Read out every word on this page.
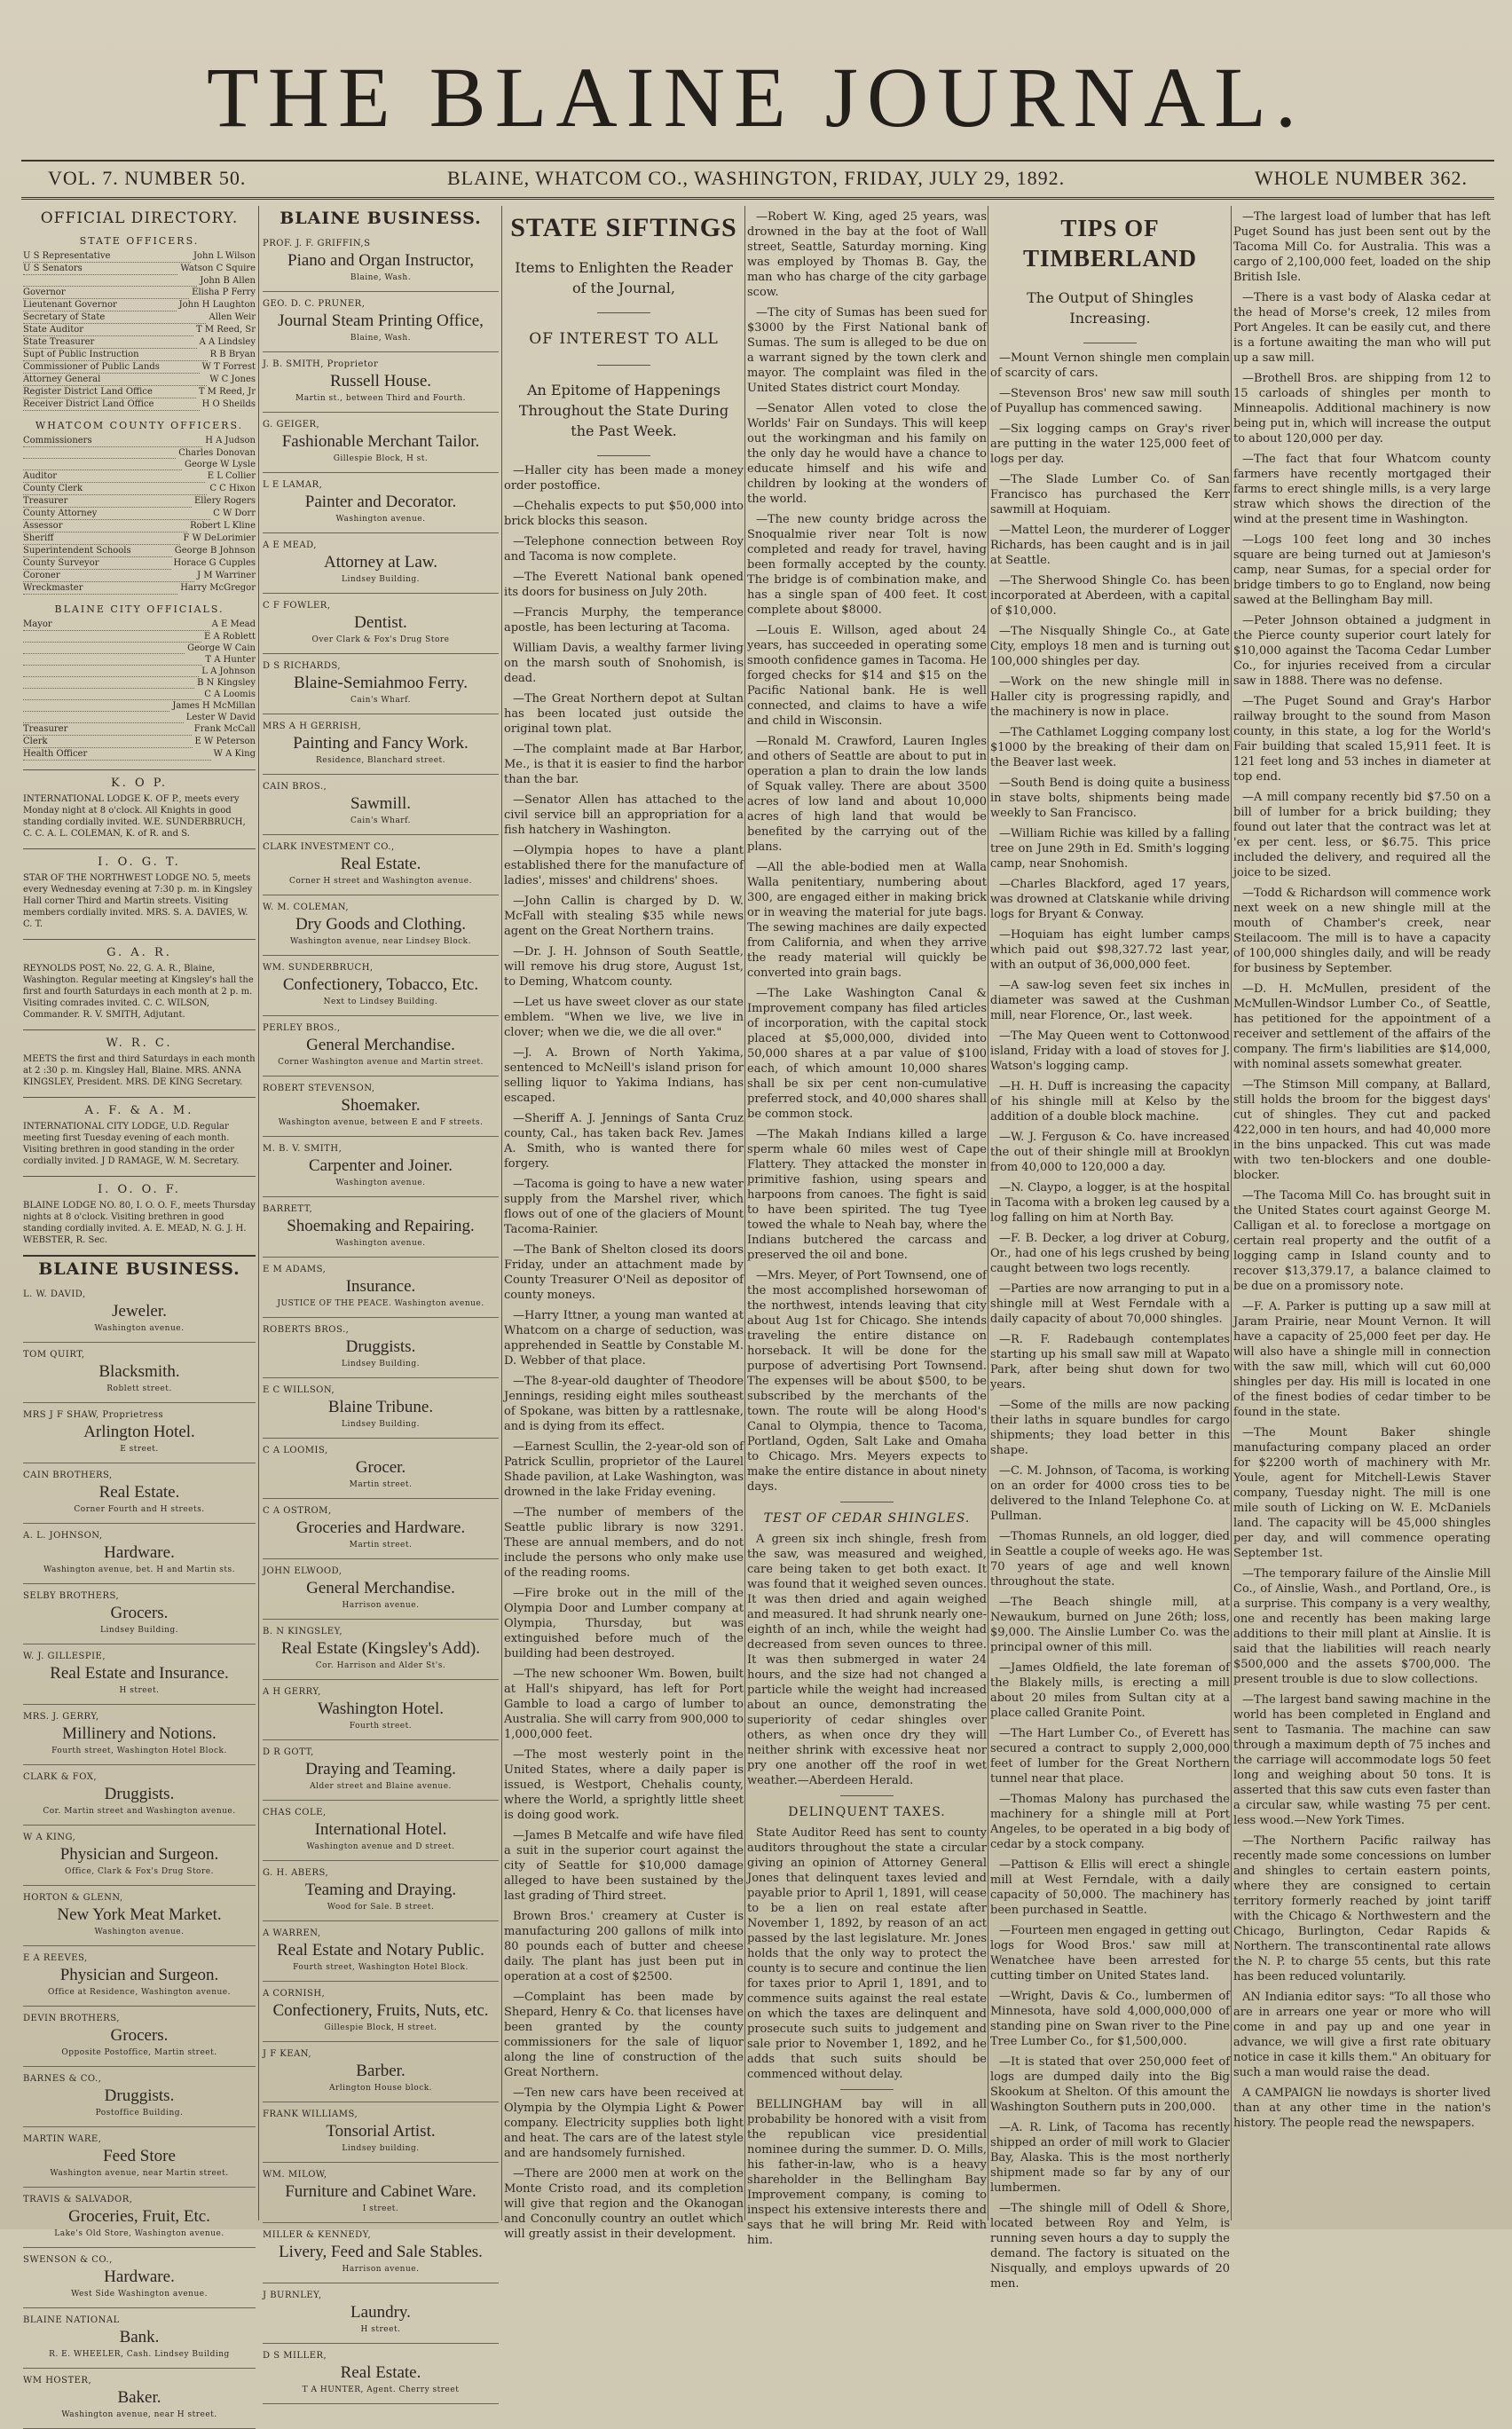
THE BLAINE JOURNAL.
VOL. 7. NUMBER 50.	BLAINE, WHATCOM CO., WASHINGTON, FRIDAY, JULY 29, 1892.	WHOLE NUMBER 362.
OFFICIAL DIRECTORY.
STATE OFFICERS.
U S Representative	John L Wilson
U S Senators	Watson C Squire
John B Allen
Governor	Elisha P Ferry
Lieutenant Governor	John H Laughton
Secretary of State	Allen Weir
State Auditor	T M Reed, Sr
State Treasurer	A A Lindsley
Supt of Public Instruction	R B Bryan
Commissioner of Public Lands	W T Forrest
Attorney General	W C Jones
Register District Land Office	T M Reed, Jr
Receiver District Land Office	H O Sheilds
WHATCOM COUNTY OFFICERS.
Commissioners	H A Judson
Charles Donovan
George W Lysle
Auditor	E L Collier
County Clerk	C C Hixon
Treasurer	Ellery Rogers
County Attorney	C W Dorr
Assessor	Robert L Kline
Sheriff	F W DeLorimier
Superintendent Schools	George B Johnson
County Surveyor	Horace G Cupples
Coroner	J M Warriner
Wreckmaster	Harry McGregor
BLAINE CITY OFFICIALS.
Mayor	A E Mead
E A Roblett
George W Cain
T A Hunter
L A Johnson
B N Kingsley
C A Loomis
James H McMillan
Lester W David
Treasurer	Frank McCall
Clerk	E W Peterson
Health Officer	W A King
K. O P.
INTERNATIONAL LODGE K. OF P., meets every Monday night at 8 o'clock. All Knights in good standing cordially invited. W.E. SUNDERBRUCH, C. C. A. L. COLEMAN, K. of R. and S.
I. O. G. T.
STAR OF THE NORTHWEST LODGE NO. 5, meets every Wednesday evening at 7:30 p. m. in Kingsley Hall corner Third and Martin streets. Visiting members cordially invited. MRS. S. A. DAVIES, W. C. T.
G. A. R.
REYNOLDS POST, No. 22, G. A. R., Blaine, Washington. Regular meeting at Kingsley's hall the first and fourth Saturdays in each month at 2 p. m. Visiting comrades invited. C. C. WILSON, Commander. R. V. SMITH, Adjutant.
W. R. C.
MEETS the first and third Saturdays in each month at 2 :30 p. m. Kingsley Hall, Blaine. MRS. ANNA KINGSLEY, President. MRS. DE KING Secretary.
A. F. & A. M.
INTERNATIONAL CITY LODGE, U.D. Regular meeting first Tuesday evening of each month. Visiting brethren in good standing in the order cordially invited. J D RAMAGE, W. M. Secretary.
I. O. O. F.
BLAINE LODGE NO. 80, I. O. O. F., meets Thursday nights at 8 o'clock. Visiting brethren in good standing cordially invited. A. E. MEAD, N. G. J. H. WEBSTER, R. Sec.
BLAINE BUSINESS.
L. W. DAVID,
Jeweler.
Washington avenue.
TOM QUIRT,
Blacksmith.
Roblett street.
MRS J F SHAW, Proprietress
Arlington Hotel.
E street.
CAIN BROTHERS,
Real Estate.
Corner Fourth and H streets.
A. L. JOHNSON,
Hardware.
Washington avenue, bet. H and Martin sts.
SELBY BROTHERS,
Grocers.
Lindsey Building.
W. J. GILLESPIE,
Real Estate and Insurance.
H street.
MRS. J. GERRY,
Millinery and Notions.
Fourth street, Washington Hotel Block.
CLARK & FOX,
Druggists.
Cor. Martin street and Washington avenue.
W A KING,
Physician and Surgeon.
Office, Clark & Fox's Drug Store.
HORTON & GLENN,
New York Meat Market.
Washington avenue.
E A REEVES,
Physician and Surgeon.
Office at Residence, Washington avenue.
DEVIN BROTHERS,
Grocers.
Opposite Postoffice, Martin street.
BARNES & CO.,
Druggists.
Postoffice Building.
MARTIN WARE,
Feed Store
Washington avenue, near Martin street.
TRAVIS & SALVADOR,
Groceries, Fruit, Etc.
Lake's Old Store, Washington avenue.
SWENSON & CO.,
Hardware.
West Side Washington avenue.
BLAINE NATIONAL
Bank.
R. E. WHEELER, Cash. Lindsey Building
WM HOSTER,
Baker.
Washington avenue, near H street.
BLAINE BUSINESS.
PROF. J. F. GRIFFIN,S
Piano and Organ Instructor,
Blaine, Wash.
GEO. D. C. PRUNER,
Journal Steam Printing Office,
Blaine, Wash.
J. B. SMITH, Proprietor
Russell House.
Martin st., between Third and Fourth.
G. GEIGER,
Fashionable Merchant Tailor.
Gillespie Block, H st.
L E LAMAR,
Painter and Decorator.
Washington avenue.
A E MEAD,
Attorney at Law.
Lindsey Building.
C F FOWLER,
Dentist.
Over Clark & Fox's Drug Store
D S RICHARDS,
Blaine-Semiahmoo Ferry.
Cain's Wharf.
MRS A H GERRISH,
Painting and Fancy Work.
Residence, Blanchard street.
CAIN BROS.,
Sawmill.
Cain's Wharf.
CLARK INVESTMENT CO.,
Real Estate.
Corner H street and Washington avenue.
W. M. COLEMAN,
Dry Goods and Clothing.
Washington avenue, near Lindsey Block.
WM. SUNDERBRUCH,
Confectionery, Tobacco, Etc.
Next to Lindsey Building.
PERLEY BROS.,
General Merchandise.
Corner Washington avenue and Martin street.
ROBERT STEVENSON,
Shoemaker.
Washington avenue, between E and F streets.
M. B. V. SMITH,
Carpenter and Joiner.
Washington avenue.
BARRETT,
Shoemaking and Repairing.
Washington avenue.
E M ADAMS,
Insurance.
JUSTICE OF THE PEACE. Washington avenue.
ROBERTS BROS.,
Druggists.
Lindsey Building.
E C WILLSON,
Blaine Tribune.
Lindsey Building.
C A LOOMIS,
Grocer.
Martin street.
C A OSTROM,
Groceries and Hardware.
Martin street.
JOHN ELWOOD,
General Merchandise.
Harrison avenue.
B. N KINGSLEY,
Real Estate (Kingsley's Add).
Cor. Harrison and Alder St's.
A H GERRY,
Washington Hotel.
Fourth street.
D R GOTT,
Draying and Teaming.
Alder street and Blaine avenue.
CHAS COLE,
International Hotel.
Washington avenue and D street.
G. H. ABERS,
Teaming and Draying.
Wood for Sale. B street.
A WARREN,
Real Estate and Notary Public.
Fourth street, Washington Hotel Block.
A CORNISH,
Confectionery, Fruits, Nuts, etc.
Gillespie Block, H street.
J F KEAN,
Barber.
Arlington House block.
FRANK WILLIAMS,
Tonsorial Artist.
Lindsey building.
WM. MILOW,
Furniture and Cabinet Ware.
I street.
MILLER & KENNEDY,
Livery, Feed and Sale Stables.
Harrison avenue.
J BURNLEY,
Laundry.
H street.
D S MILLER,
Real Estate.
T A HUNTER, Agent. Cherry street
STATE SIFTINGS
Items to Enlighten the Reader of the Journal,
OF INTEREST TO ALL
An Epitome of Happenings Throughout the State During the Past Week.
—Haller city has been made a money order postoffice.
—Chehalis expects to put $50,000 into brick blocks this season.
—Telephone connection between Roy and Tacoma is now complete.
—The Everett National bank opened its doors for business on July 20th.
—Francis Murphy, the temperance apostle, has been lecturing at Tacoma.
William Davis, a wealthy farmer living on the marsh south of Snohomish, is dead.
—The Great Northern depot at Sultan has been located just outside the original town plat.
—The complaint made at Bar Harbor, Me., is that it is easier to find the harbor than the bar.
—Senator Allen has attached to the civil service bill an appropriation for a fish hatchery in Washington.
—Olympia hopes to have a plant established there for the manufacture of ladies', misses' and childrens' shoes.
—John Callin is charged by D. W. McFall with stealing $35 while news agent on the Great Northern trains.
—Dr. J. H. Johnson of South Seattle, will remove his drug store, August 1st, to Deming, Whatcom county.
—Let us have sweet clover as our state emblem. "When we live, we live in clover; when we die, we die all over."
—J. A. Brown of North Yakima, sentenced to McNeill's island prison for selling liquor to Yakima Indians, has escaped.
—Sheriff A. J. Jennings of Santa Cruz county, Cal., has taken back Rev. James A. Smith, who is wanted there for forgery.
—Tacoma is going to have a new water supply from the Marshel river, which flows out of one of the glaciers of Mount Tacoma-Rainier.
—The Bank of Shelton closed its doors Friday, under an attachment made by County Treasurer O'Neil as depositor of county moneys.
—Harry Ittner, a young man wanted at Whatcom on a charge of seduction, was apprehended in Seattle by Constable M. D. Webber of that place.
—The 8-year-old daughter of Theodore Jennings, residing eight miles southeast of Spokane, was bitten by a rattlesnake, and is dying from its effect.
—Earnest Scullin, the 2-year-old son of Patrick Scullin, proprietor of the Laurel Shade pavilion, at Lake Washington, was drowned in the lake Friday evening.
—The number of members of the Seattle public library is now 3291. These are annual members, and do not include the persons who only make use of the reading rooms.
—Fire broke out in the mill of the Olympia Door and Lumber company at Olympia, Thursday, but was extinguished before much of the building had been destroyed.
—The new schooner Wm. Bowen, built at Hall's shipyard, has left for Port Gamble to load a cargo of lumber to Australia. She will carry from 900,000 to 1,000,000 feet.
—The most westerly point in the United States, where a daily paper is issued, is Westport, Chehalis county, where the World, a sprightly little sheet is doing good work.
—James B Metcalfe and wife have filed a suit in the superior court against the city of Seattle for $10,000 damage alleged to have been sustained by the last grading of Third street.
Brown Bros.' creamery at Custer is manufacturing 200 gallons of milk into 80 pounds each of butter and cheese daily. The plant has just been put in operation at a cost of $2500.
—Complaint has been made by Shepard, Henry & Co. that licenses have been granted by the county commissioners for the sale of liquor along the line of construction of the Great Northern.
—Ten new cars have been received at Olympia by the Olympia Light & Power company. Electricity supplies both light and heat. The cars are of the latest style and are handsomely furnished.
—There are 2000 men at work on the Monte Cristo road, and its completion will give that region and the Okanogan and Conconully country an outlet which will greatly assist in their development.
—Robert W. King, aged 25 years, was drowned in the bay at the foot of Wall street, Seattle, Saturday morning. King was employed by Thomas B. Gay, the man who has charge of the city garbage scow.
—The city of Sumas has been sued for $3000 by the First National bank of Sumas. The sum is alleged to be due on a warrant signed by the town clerk and mayor. The complaint was filed in the United States district court Monday.
—Senator Allen voted to close the Worlds' Fair on Sundays. This will keep out the workingman and his family on the only day he would have a chance to educate himself and his wife and children by looking at the wonders of the world.
—The new county bridge across the Snoqualmie river near Tolt is now completed and ready for travel, having been formally accepted by the county. The bridge is of combination make, and has a single span of 400 feet. It cost complete about $8000.
—Louis E. Willson, aged about 24 years, has succeeded in operating some smooth confidence games in Tacoma. He forged checks for $14 and $15 on the Pacific National bank. He is well connected, and claims to have a wife and child in Wisconsin.
—Ronald M. Crawford, Lauren Ingles and others of Seattle are about to put in operation a plan to drain the low lands of Squak valley. There are about 3500 acres of low land and about 10,000 acres of high land that would be benefited by the carrying out of the plans.
—All the able-bodied men at Walla Walla penitentiary, numbering about 300, are engaged either in making brick or in weaving the material for jute bags. The sewing machines are daily expected from California, and when they arrive the ready material will quickly be converted into grain bags.
—The Lake Washington Canal & Improvement company has filed articles of incorporation, with the capital stock placed at $5,000,000, divided into 50,000 shares at a par value of $100 each, of which amount 10,000 shares shall be six per cent non-cumulative preferred stock, and 40,000 shares shall be common stock.
—The Makah Indians killed a large sperm whale 60 miles west of Cape Flattery. They attacked the monster in primitive fashion, using spears and harpoons from canoes. The fight is said to have been spirited. The tug Tyee towed the whale to Neah bay, where the Indians butchered the carcass and preserved the oil and bone.
—Mrs. Meyer, of Port Townsend, one of the most accomplished horsewoman of the northwest, intends leaving that city about Aug 1st for Chicago. She intends traveling the entire distance on horseback. It will be done for the purpose of advertising Port Townsend. The expenses will be about $500, to be subscribed by the merchants of the town. The route will be along Hood's Canal to Olympia, thence to Tacoma, Portland, Ogden, Salt Lake and Omaha to Chicago. Mrs. Meyers expects to make the entire distance in about ninety days.
TEST OF CEDAR SHINGLES.
A green six inch shingle, fresh from the saw, was measured and weighed, care being taken to get both exact. It was found that it weighed seven ounces. It was then dried and again weighed and measured. It had shrunk nearly one-eighth of an inch, while the weight had decreased from seven ounces to three. It was then submerged in water 24 hours, and the size had not changed a particle while the weight had increased about an ounce, demonstrating the superiority of cedar shingles over others, as when once dry they will neither shrink with excessive heat nor pry one another off the roof in wet weather.—Aberdeen Herald.
DELINQUENT TAXES.
State Auditor Reed has sent to county auditors throughout the state a circular giving an opinion of Attorney General Jones that delinquent taxes levied and payable prior to April 1, 1891, will cease to be a lien on real estate after November 1, 1892, by reason of an act passed by the last legislature. Mr. Jones holds that the only way to protect the county is to secure and continue the lien for taxes prior to April 1, 1891, and to commence suits against the real estate on which the taxes are delinquent and prosecute such suits to judgement and sale prior to November 1, 1892, and he adds that such suits should be commenced without delay.
BELLINGHAM bay will in all probability be honored with a visit from the republican vice presidential nominee during the summer. D. O. Mills, his father-in-law, who is a heavy shareholder in the Bellingham Bay Improvement company, is coming to inspect his extensive interests there and says that he will bring Mr. Reid with him.
TIPS OF TIMBERLAND
The Output of Shingles Increasing.
—Mount Vernon shingle men complain of scarcity of cars.
—Stevenson Bros' new saw mill south of Puyallup has commenced sawing.
—Six logging camps on Gray's river are putting in the water 125,000 feet of logs per day.
—The Slade Lumber Co. of San Francisco has purchased the Kerr sawmill at Hoquiam.
—Mattel Leon, the murderer of Logger Richards, has been caught and is in jail at Seattle.
—The Sherwood Shingle Co. has been incorporated at Aberdeen, with a capital of $10,000.
—The Nisqually Shingle Co., at Gate City, employs 18 men and is turning out 100,000 shingles per day.
—Work on the new shingle mill in Haller city is progressing rapidly, and the machinery is now in place.
—The Cathlamet Logging company lost $1000 by the breaking of their dam on the Beaver last week.
—South Bend is doing quite a business in stave bolts, shipments being made weekly to San Francisco.
—William Richie was killed by a falling tree on June 29th in Ed. Smith's logging camp, near Snohomish.
—Charles Blackford, aged 17 years, was drowned at Clatskanie while driving logs for Bryant & Conway.
—Hoquiam has eight lumber camps which paid out $98,327.72 last year, with an output of 36,000,000 feet.
—A saw-log seven feet six inches in diameter was sawed at the Cushman mill, near Florence, Or., last week.
—The May Queen went to Cottonwood island, Friday with a load of stoves for J. Watson's logging camp.
—H. H. Duff is increasing the capacity of his shingle mill at Kelso by the addition of a double block machine.
—W. J. Ferguson & Co. have increased the out of their shingle mill at Brooklyn from 40,000 to 120,000 a day.
—N. Claypo, a logger, is at the hospital in Tacoma with a broken leg caused by a log falling on him at North Bay.
—F. B. Decker, a log driver at Coburg, Or., had one of his legs crushed by being caught between two logs recently.
—Parties are now arranging to put in a shingle mill at West Ferndale with a daily capacity of about 70,000 shingles.
—R. F. Radebaugh contemplates starting up his small saw mill at Wapato Park, after being shut down for two years.
—Some of the mills are now packing their laths in square bundles for cargo shipments; they load better in this shape.
—C. M. Johnson, of Tacoma, is working on an order for 4000 cross ties to be delivered to the Inland Telephone Co. at Pullman.
—Thomas Runnels, an old logger, died in Seattle a couple of weeks ago. He was 70 years of age and well known throughout the state.
—The Beach shingle mill, at Newaukum, burned on June 26th; loss, $9,000. The Ainslie Lumber Co. was the principal owner of this mill.
—James Oldfield, the late foreman of the Blakely mills, is erecting a mill about 20 miles from Sultan city at a place called Granite Point.
—The Hart Lumber Co., of Everett has secured a contract to supply 2,000,000 feet of lumber for the Great Northern tunnel near that place.
—Thomas Malony has purchased the machinery for a shingle mill at Port Angeles, to be operated in a big body of cedar by a stock company.
—Pattison & Ellis will erect a shingle mill at West Ferndale, with a daily capacity of 50,000. The machinery has been purchased in Seattle.
—Fourteen men engaged in getting out logs for Wood Bros.' saw mill at Wenatchee have been arrested for cutting timber on United States land.
—Wright, Davis & Co., lumbermen of Minnesota, have sold 4,000,000,000 of standing pine on Swan river to the Pine Tree Lumber Co., for $1,500,000.
—It is stated that over 250,000 feet of logs are dumped daily into the Big Skookum at Shelton. Of this amount the Washington Southern puts in 200,000.
—A. R. Link, of Tacoma has recently shipped an order of mill work to Glacier Bay, Alaska. This is the most northerly shipment made so far by any of our lumbermen.
—The shingle mill of Odell & Shore, located between Roy and Yelm, is running seven hours a day to supply the demand. The factory is situated on the Nisqually, and employs upwards of 20 men.
—The largest load of lumber that has left Puget Sound has just been sent out by the Tacoma Mill Co. for Australia. This was a cargo of 2,100,000 feet, loaded on the ship British Isle.
—There is a vast body of Alaska cedar at the head of Morse's creek, 12 miles from Port Angeles. It can be easily cut, and there is a fortune awaiting the man who will put up a saw mill.
—Brothell Bros. are shipping from 12 to 15 carloads of shingles per month to Minneapolis. Additional machinery is now being put in, which will increase the output to about 120,000 per day.
—The fact that four Whatcom county farmers have recently mortgaged their farms to erect shingle mills, is a very large straw which shows the direction of the wind at the present time in Washington.
—Logs 100 feet long and 30 inches square are being turned out at Jamieson's camp, near Sumas, for a special order for bridge timbers to go to England, now being sawed at the Bellingham Bay mill.
—Peter Johnson obtained a judgment in the Pierce county superior court lately for $10,000 against the Tacoma Cedar Lumber Co., for injuries received from a circular saw in 1888. There was no defense.
—The Puget Sound and Gray's Harbor railway brought to the sound from Mason county, in this state, a log for the World's Fair building that scaled 15,911 feet. It is 121 feet long and 53 inches in diameter at top end.
—A mill company recently bid $7.50 on a bill of lumber for a brick building; they found out later that the contract was let at 'ex per cent. less, or $6.75. This price included the delivery, and required all the joice to be sized.
—Todd & Richardson will commence work next week on a new shingle mill at the mouth of Chamber's creek, near Steilacoom. The mill is to have a capacity of 100,000 shingles daily, and will be ready for business by September.
—D. H. McMullen, president of the McMullen-Windsor Lumber Co., of Seattle, has petitioned for the appointment of a receiver and settlement of the affairs of the company. The firm's liabilities are $14,000, with nominal assets somewhat greater.
—The Stimson Mill company, at Ballard, still holds the broom for the biggest days' cut of shingles. They cut and packed 422,000 in ten hours, and had 40,000 more in the bins unpacked. This cut was made with two ten-blockers and one double-blocker.
—The Tacoma Mill Co. has brought suit in the United States court against George M. Calligan et al. to foreclose a mortgage on certain real property and the outfit of a logging camp in Island county and to recover $13,379.17, a balance claimed to be due on a promissory note.
—F. A. Parker is putting up a saw mill at Jaram Prairie, near Mount Vernon. It will have a capacity of 25,000 feet per day. He will also have a shingle mill in connection with the saw mill, which will cut 60,000 shingles per day. His mill is located in one of the finest bodies of cedar timber to be found in the state.
—The Mount Baker shingle manufacturing company placed an order for $2200 worth of machinery with Mr. Youle, agent for Mitchell-Lewis Staver company, Tuesday night. The mill is one mile south of Licking on W. E. McDaniels land. The capacity will be 45,000 shingles per day, and will commence operating September 1st.
—The temporary failure of the Ainslie Mill Co., of Ainslie, Wash., and Portland, Ore., is a surprise. This company is a very wealthy, one and recently has been making large additions to their mill plant at Ainslie. It is said that the liabilities will reach nearly $500,000 and the assets $700,000. The present trouble is due to slow collections.
—The largest band sawing machine in the world has been completed in England and sent to Tasmania. The machine can saw through a maximum depth of 75 inches and the carriage will accommodate logs 50 feet long and weighing about 50 tons. It is asserted that this saw cuts even faster than a circular saw, while wasting 75 per cent. less wood.—New York Times.
—The Northern Pacific railway has recently made some concessions on lumber and shingles to certain eastern points, where they are consigned to certain territory formerly reached by joint tariff with the Chicago & Northwestern and the Chicago, Burlington, Cedar Rapids & Northern. The transcontinental rate allows the N. P. to charge 55 cents, but this rate has been reduced voluntarily.
AN Indiania editor says: "To all those who are in arrears one year or more who will come in and pay up and one year in advance, we will give a first rate obituary notice in case it kills them." An obituary for such a man would raise the dead.
A CAMPAIGN lie nowdays is shorter lived than at any other time in the nation's history. The people read the newspapers.
